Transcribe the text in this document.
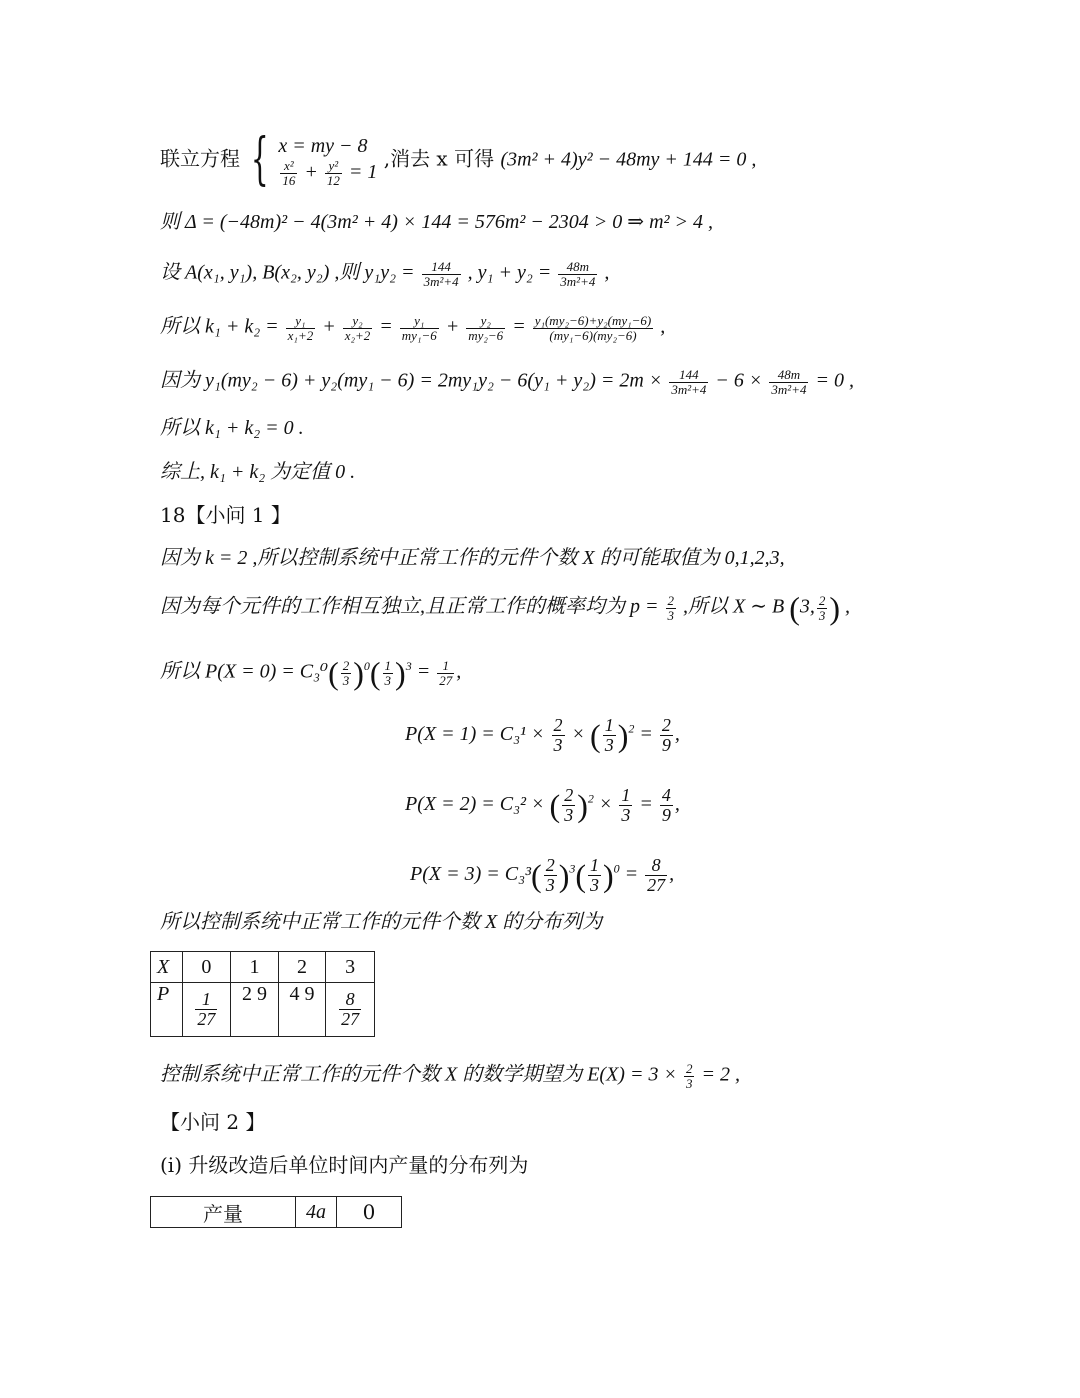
联立方程 { x = my − 8
$\frac{\text{x²}}{16} + \frac{\text{y²}}{12} = 1$
,消去 x 可得 (3m² + 4)y² − 48my + 144 = 0 ,
则 Δ = (−48m)² − 4(3m² + 4) × 144 = 576m² − 2304 > 0 ⇒ m² > 4 ,
设 A(x₁, y₁), B(x₂, y₂) ,则 $y_1y_2 = \frac{144}{\text{3m²+4}}$ , $y_1 + y_2 = \frac{48m}{\text{3m²+4}}$ ,
所以 $k_1 + k_2 = \frac{\text{y₁}}{\text{x₁+2}} + \frac{\text{y₂}}{\text{x₂+2}} = \frac{\text{y₁}}{\text{my₁−6}} + \frac{\text{y₂}}{\text{my₂−6}} = \frac{\text{y₁(my₂−6)+y₂(my₁−6)}}{\text{(my₁−6)(my₂−6)}}$ ,
因为 $y_1(my_2 - 6) + y_2(my_1 - 6) = 2my_1y_2 - 6(y_1 + y_2) = 2m \times \frac{144}{\text{3m²+4}} - 6 \times \frac{48m}{\text{3m²+4}} = 0$ ,
所以 k₁ + k₂ = 0 .
综上, k₁ + k₂ 为定值 0 .
18【小问 1 】
因为 k = 2 ,所以控制系统中正常工作的元件个数 X 的可能取值为 0,1,2,3,
因为每个元件的工作相互独立,且正常工作的概率均为 $p = \frac{2}{3}$ ,所以 X ∼ B (3, $\frac{2}{3}$ ) ,
所以 $P(X = 0) = C_3^0( \frac{2}{3} )^0( \frac{1}{3} )^3 = \frac{1}{27}$ ,
$P(X = 1) = C_3^1 \times \frac{2}{3}$ × ( $\frac{1}{3} )^2 = \frac{2}{9}$ ,
P(X = 2) = C₃² × ( $\frac{2}{3} )^2 \times \frac{1}{3} = \frac{4}{9}$ ,
$P(X = 3) = C_3^3( \frac{2}{3} )^3( \frac{1}{3} )^0 = \frac{8}{27}$ ,
所以控制系统中正常工作的元件个数 X 的分布列为
X	0	1	2	3
P	$\frac{1}{27}$	2 9	4 9	$\frac{8}{27}$
控制系统中正常工作的元件个数 X 的数学期望为 $E(X) = 3 \times \frac{2}{3} = 2$ ,
【小问 2 】
(i) 升级改造后单位时间内产量的分布列为
产量	4a	0
